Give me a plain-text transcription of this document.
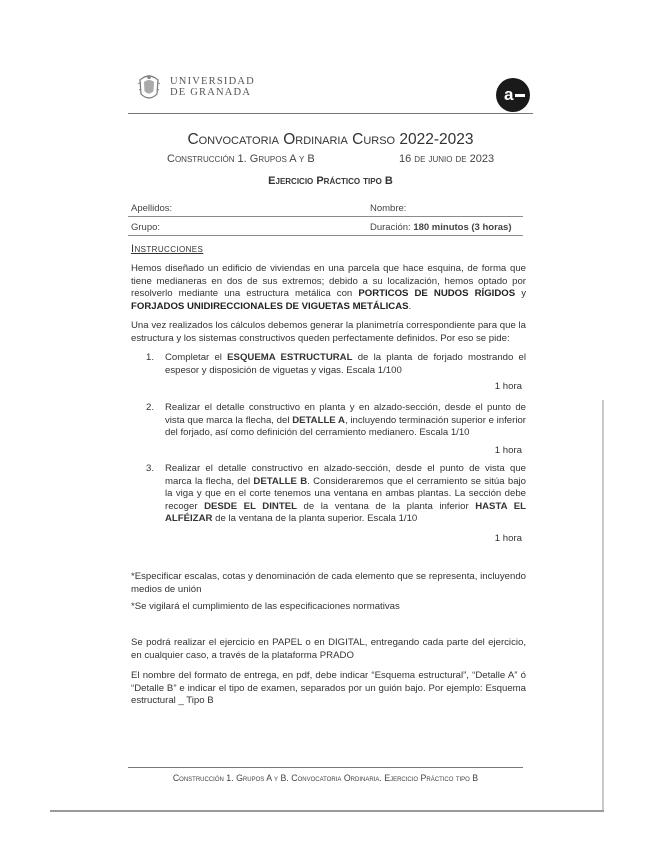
UNIVERSIDAD
DE GRANADA	a
Convocatoria Ordinaria Curso 2022-2023
Construcción 1. Grupos A y B	16 de junio de 2023
Ejercicio Práctico tipo B
Apellidos:	Nombre:
Grupo:	Duración: 180 minutos (3 horas)
Instrucciones

Hemos diseñado un edificio de viviendas en una parcela que hace esquina, de forma que tiene medianeras en dos de sus extremos; debido a su localización, hemos optado por resolverlo mediante una estructura metálica con PORTICOS DE NUDOS RÍGIDOS y FORJADOS UNIDIRECCIONALES DE VIGUETAS METÁLICAS.

Una vez realizados los cálculos debemos generar la planimetría correspondiente para que la estructura y los sistemas constructivos queden perfectamente definidos. Por eso se pide:

1. Completar el ESQUEMA ESTRUCTURAL de la planta de forjado mostrando el espesor y disposición de viguetas y vigas. Escala 1/100

1 hora
2. Realizar el detalle constructivo en planta y en alzado-sección, desde el punto de vista que marca la flecha, del DETALLE A, incluyendo terminación superior e inferior del forjado, así como definición del cerramiento medianero. Escala 1/10

1 hora
3. Realizar el detalle constructivo en alzado-sección, desde el punto de vista que marca la flecha, del DETALLE B. Consideraremos que el cerramiento se sitúa bajo la viga y que en el corte tenemos una ventana en ambas plantas. La sección debe recoger DESDE EL DINTEL de la ventana de la planta inferior HASTA EL ALFÉIZAR de la ventana de la planta superior. Escala 1/10

1 hora

*Especificar escalas, cotas y denominación de cada elemento que se representa, incluyendo medios de unión

*Se vigilará el cumplimiento de las especificaciones normativas

Se podrá realizar el ejercicio en PAPEL o en DIGITAL, entregando cada parte del ejercicio, en cualquier caso, a través de la plataforma PRADO

El nombre del formato de entrega, en pdf, debe indicar “Esquema estructural”, “Detalle A” ó “Detalle B” e indicar el tipo de examen, separados por un guión bajo. Por ejemplo: Esquema estructural _ Tipo B

Construcción 1. Grupos A y B. Convocatoria Ordinaria. Ejercicio Práctico tipo B
